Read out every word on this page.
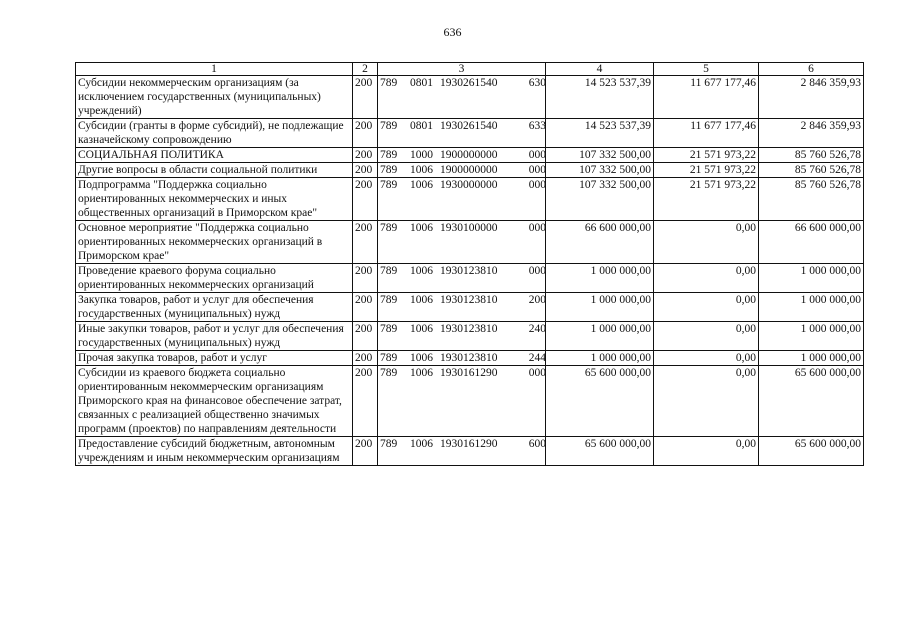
636
1	2	3	4	5	6
Субсидии некоммерческим организациям (за исключением государственных (муниципальных) учреждений)	200	789 0801 1930261540 630	14 523 537,39	11 677 177,46	2 846 359,93
Субсидии (гранты в форме субсидий), не подлежащие казначейскому сопровождению	200	789 0801 1930261540 633	14 523 537,39	11 677 177,46	2 846 359,93
СОЦИАЛЬНАЯ ПОЛИТИКА	200	789 1000 1900000000 000	107 332 500,00	21 571 973,22	85 760 526,78
Другие вопросы в области социальной политики	200	789 1006 1900000000 000	107 332 500,00	21 571 973,22	85 760 526,78
Подпрограмма "Поддержка социально ориентированных некоммерческих и иных общественных организаций в Приморском крае"	200	789 1006 1930000000 000	107 332 500,00	21 571 973,22	85 760 526,78
Основное мероприятие "Поддержка социально ориентированных некоммерческих организаций в Приморском крае"	200	789 1006 1930100000 000	66 600 000,00	0,00	66 600 000,00
Проведение краевого форума социально ориентированных некоммерческих организаций	200	789 1006 1930123810 000	1 000 000,00	0,00	1 000 000,00
Закупка товаров, работ и услуг для обеспечения государственных (муниципальных) нужд	200	789 1006 1930123810 200	1 000 000,00	0,00	1 000 000,00
Иные закупки товаров, работ и услуг для обеспечения государственных (муниципальных) нужд	200	789 1006 1930123810 240	1 000 000,00	0,00	1 000 000,00
Прочая закупка товаров, работ и услуг	200	789 1006 1930123810 244	1 000 000,00	0,00	1 000 000,00
Субсидии из краевого бюджета социально ориентированным некоммерческим организациям Приморского края на финансовое обеспечение затрат, связанных с реализацией общественно значимых программ (проектов) по направлениям деятельности	200	789 1006 1930161290 000	65 600 000,00	0,00	65 600 000,00
Предоставление субсидий бюджетным, автономным учреждениям и иным некоммерческим организациям	200	789 1006 1930161290 600	65 600 000,00	0,00	65 600 000,00
